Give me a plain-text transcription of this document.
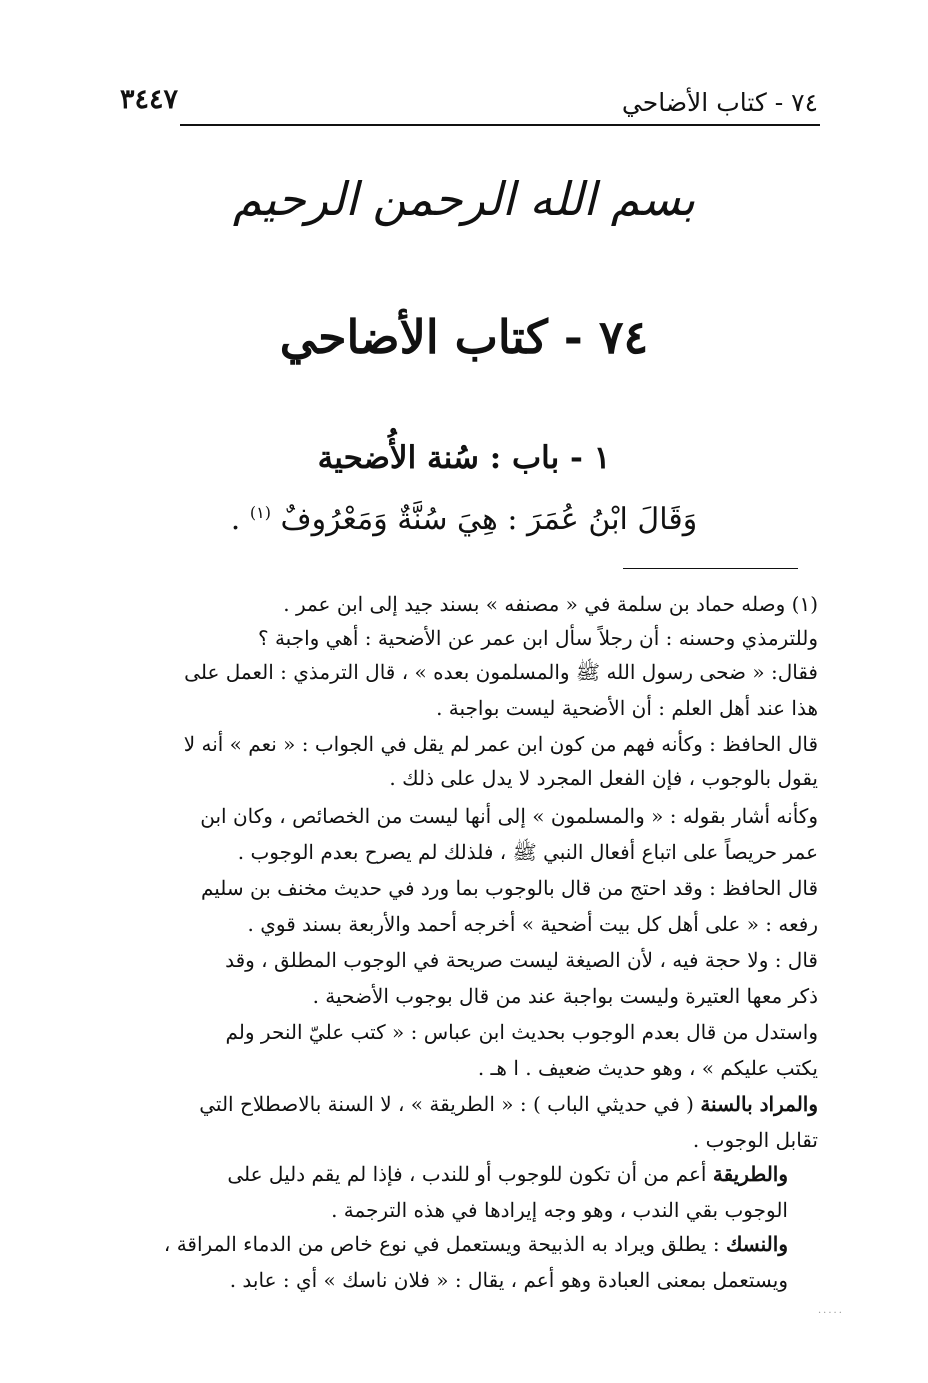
٧٤ - كتاب الأضاحي
٣٤٤٧
بسم الله الرحمن الرحيم
٧٤ - كتاب الأضاحي
١ - باب : سُنة الأُضحية
وَقَالَ ابْنُ عُمَرَ : هِيَ سُنَّةٌ وَمَعْرُوفٌ $^{(١)}$ .
(١) وصله حماد بن سلمة في « مصنفه » بسند جيد إلى ابن عمر .
وللترمذي وحسنه : أن رجلاً سأل ابن عمر عن الأضحية : أهي واجبة ؟
فقال: « ضحى رسول الله ﷺ والمسلمون بعده » ، قال الترمذي : العمل على
هذا عند أهل العلم : أن الأضحية ليست بواجبة .
قال الحافظ : وكأنه فهم من كون ابن عمر لم يقل في الجواب : « نعم » أنه لا
يقول بالوجوب ، فإن الفعل المجرد لا يدل على ذلك .
وكأنه أشار بقوله : « والمسلمون » إلى أنها ليست من الخصائص ، وكان ابن
عمر حريصاً على اتباع أفعال النبي ﷺ ، فلذلك لم يصرح بعدم الوجوب .
قال الحافظ : وقد احتج من قال بالوجوب بما ورد في حديث مخنف بن سليم
رفعه : « على أهل كل بيت أضحية » أخرجه أحمد والأربعة بسند قوي .
قال : ولا حجة فيه ، لأن الصيغة ليست صريحة في الوجوب المطلق ، وقد
ذكر معها العتيرة وليست بواجبة عند من قال بوجوب الأضحية .
واستدل من قال بعدم الوجوب بحديث ابن عباس : « كتب عليّ النحر ولم
يكتب عليكم » ، وهو حديث ضعيف . ا هـ .
والمراد بالسنة ( في حديثي الباب ) : « الطريقة » ، لا السنة بالاصطلاح التي
تقابل الوجوب .
والطريقة أعم من أن تكون للوجوب أو للندب ، فإذا لم يقم دليل على
الوجوب بقي الندب ، وهو وجه إيرادها في هذه الترجمة .
والنسك : يطلق ويراد به الذبيحة ويستعمل في نوع خاص من الدماء المراقة ،
ويستعمل بمعنى العبادة وهو أعم ، يقال : « فلان ناسك » أي : عابد .
·····
